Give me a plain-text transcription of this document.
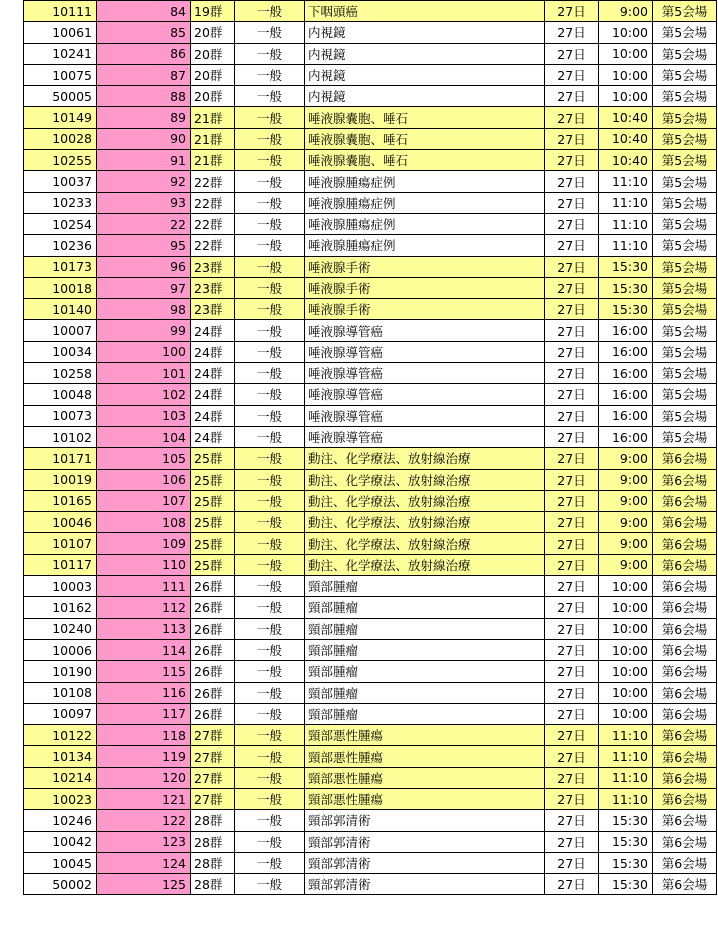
10111	84	19群	一般	下咽頭癌	27日	9:00	第5会場
10061	85	20群	一般	内視鏡	27日	10:00	第5会場
10241	86	20群	一般	内視鏡	27日	10:00	第5会場
10075	87	20群	一般	内視鏡	27日	10:00	第5会場
50005	88	20群	一般	内視鏡	27日	10:00	第5会場
10149	89	21群	一般	唾液腺嚢胞、唾石	27日	10:40	第5会場
10028	90	21群	一般	唾液腺嚢胞、唾石	27日	10:40	第5会場
10255	91	21群	一般	唾液腺嚢胞、唾石	27日	10:40	第5会場
10037	92	22群	一般	唾液腺腫瘍症例	27日	11:10	第5会場
10233	93	22群	一般	唾液腺腫瘍症例	27日	11:10	第5会場
10254	22	22群	一般	唾液腺腫瘍症例	27日	11:10	第5会場
10236	95	22群	一般	唾液腺腫瘍症例	27日	11:10	第5会場
10173	96	23群	一般	唾液腺手術	27日	15:30	第5会場
10018	97	23群	一般	唾液腺手術	27日	15:30	第5会場
10140	98	23群	一般	唾液腺手術	27日	15:30	第5会場
10007	99	24群	一般	唾液腺導管癌	27日	16:00	第5会場
10034	100	24群	一般	唾液腺導管癌	27日	16:00	第5会場
10258	101	24群	一般	唾液腺導管癌	27日	16:00	第5会場
10048	102	24群	一般	唾液腺導管癌	27日	16:00	第5会場
10073	103	24群	一般	唾液腺導管癌	27日	16:00	第5会場
10102	104	24群	一般	唾液腺導管癌	27日	16:00	第5会場
10171	105	25群	一般	動注、化学療法、放射線治療	27日	9:00	第6会場
10019	106	25群	一般	動注、化学療法、放射線治療	27日	9:00	第6会場
10165	107	25群	一般	動注、化学療法、放射線治療	27日	9:00	第6会場
10046	108	25群	一般	動注、化学療法、放射線治療	27日	9:00	第6会場
10107	109	25群	一般	動注、化学療法、放射線治療	27日	9:00	第6会場
10117	110	25群	一般	動注、化学療法、放射線治療	27日	9:00	第6会場
10003	111	26群	一般	頸部腫瘤	27日	10:00	第6会場
10162	112	26群	一般	頸部腫瘤	27日	10:00	第6会場
10240	113	26群	一般	頸部腫瘤	27日	10:00	第6会場
10006	114	26群	一般	頸部腫瘤	27日	10:00	第6会場
10190	115	26群	一般	頸部腫瘤	27日	10:00	第6会場
10108	116	26群	一般	頸部腫瘤	27日	10:00	第6会場
10097	117	26群	一般	頸部腫瘤	27日	10:00	第6会場
10122	118	27群	一般	頸部悪性腫瘍	27日	11:10	第6会場
10134	119	27群	一般	頸部悪性腫瘍	27日	11:10	第6会場
10214	120	27群	一般	頸部悪性腫瘍	27日	11:10	第6会場
10023	121	27群	一般	頸部悪性腫瘍	27日	11:10	第6会場
10246	122	28群	一般	頸部郭清術	27日	15:30	第6会場
10042	123	28群	一般	頸部郭清術	27日	15:30	第6会場
10045	124	28群	一般	頸部郭清術	27日	15:30	第6会場
50002	125	28群	一般	頸部郭清術	27日	15:30	第6会場
